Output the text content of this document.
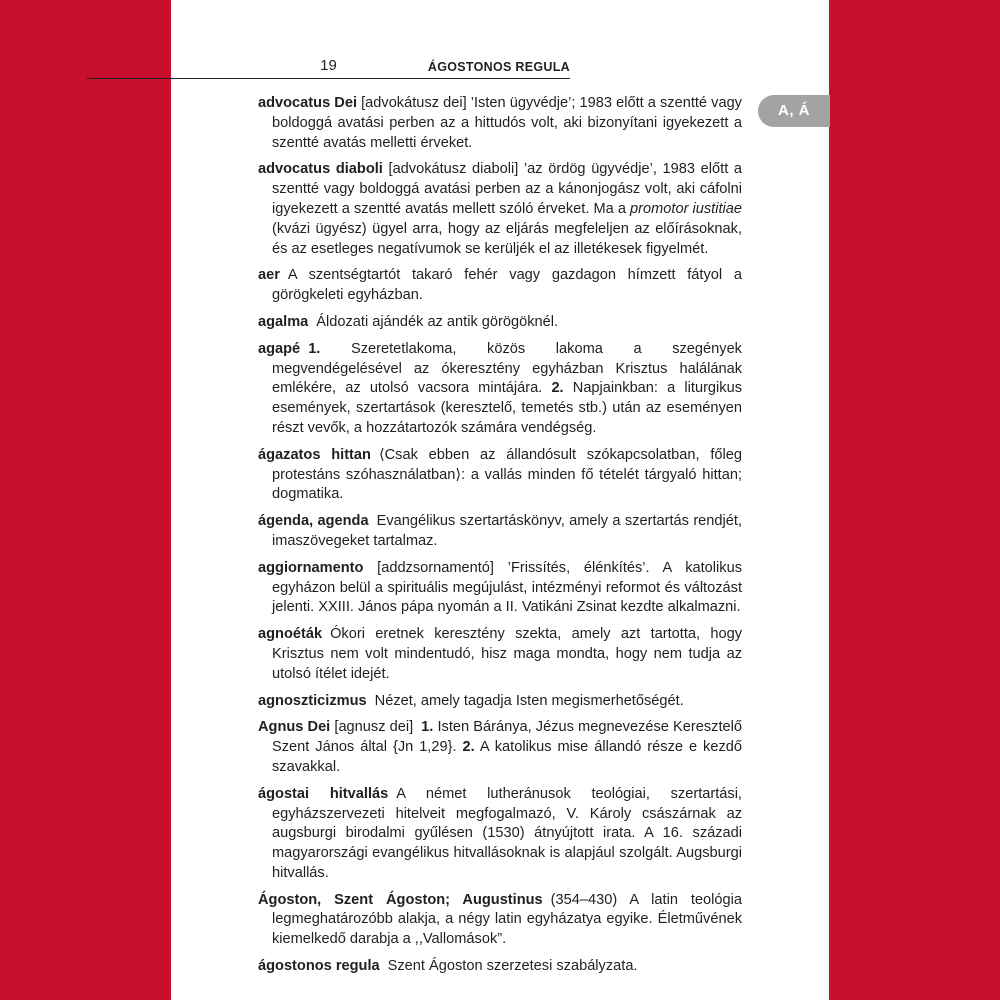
19	ÁGOSTONOS REGULA
A, Á

advocatus Dei [advokátusz dei] ’Isten ügyvédje’; 1983 előtt a szentté vagy boldoggá avatási perben az a hittudós volt, aki bizonyítani igyekezett a szentté avatás melletti érveket.

advocatus diaboli [advokátusz diaboli] ’az ördög ügyvédje’, 1983 előtt a szentté vagy boldoggá avatási perben az a kánonjogász volt, aki cáfolni igyekezett a szentté avatás mellett szóló érveket. Ma a promotor iustitiae (kvázi ügyész) ügyel arra, hogy az eljárás megfeleljen az előírásoknak, és az esetleges negatívumok se kerüljék el az illetékesek figyelmét.

aer A szentségtartót takaró fehér vagy gazdagon hímzett fátyol a görögkeleti egyházban.

agalma Áldozati ajándék az antik görögöknél.

agapé 1. Szeretetlakoma, közös lakoma a szegények megvendégelésével az ókeresztény egyházban Krisztus halálának emlékére, az utolsó vacsora mintájára. 2. Napjainkban: a liturgikus események, szertartások (keresztelő, temetés stb.) után az eseményen részt vevők, a hozzátartozók számára vendégség.

ágazatos hittan ⟨Csak ebben az állandósult szókapcsolatban, főleg protestáns szóhasználatban⟩: a vallás minden fő tételét tárgyaló hittan; dogmatika.

ágenda, agenda Evangélikus szertartáskönyv, amely a szertartás rendjét, imaszövegeket tartalmaz.

aggiornamento [addzsornamentó] ’Frissítés, élénkítés’. A katolikus egyházon belül a spirituális megújulást, intézményi reformot és változást jelenti. XXIII. János pápa nyomán a II. Vatikáni Zsinat kezdte alkalmazni.

agnoéták Ókori eretnek keresztény szekta, amely azt tartotta, hogy Krisztus nem volt mindentudó, hisz maga mondta, hogy nem tudja az utolsó ítélet idejét.

agnoszticizmus Nézet, amely tagadja Isten megismerhetőségét.

Agnus Dei [agnusz dei] 1. Isten Báránya, Jézus megnevezése Keresztelő Szent János által {Jn 1,29}. 2. A katolikus mise állandó része e kezdő szavakkal.

ágostai hitvallás A német lutheránusok teológiai, szertartási, egyházszervezeti hitelveit megfogalmazó, V. Károly császárnak az augsburgi birodalmi gyűlésen (1530) átnyújtott irata. A 16. századi magyarországi evangélikus hitvallásoknak is alapjául szolgált. Augsburgi hitvallás.

Ágoston, Szent Ágoston; Augustinus (354–430) A latin teológia legmeghatározóbb alakja, a négy latin egyházatya egyike. Életművének kiemelkedő darabja a ,,Vallomások”.

ágostonos regula Szent Ágoston szerzetesi szabályzata.
